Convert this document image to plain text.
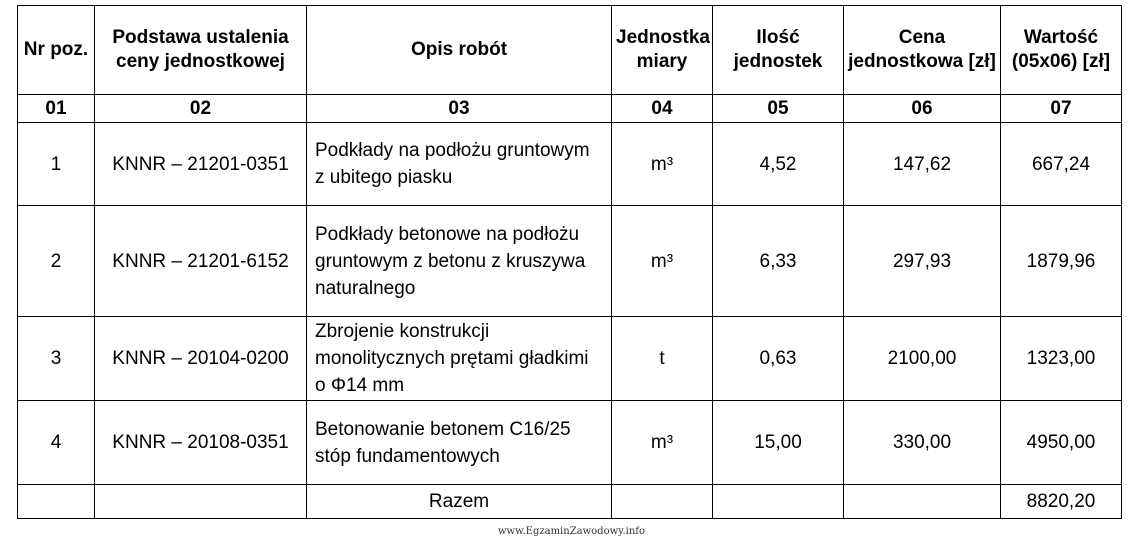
Nr poz.	Podstawa ustalenia ceny jednostkowej	Opis robót	Jednostka miary	Ilość jednostek	Cena jednostkowa [zł]	Wartość (05x06) [zł]
01	02	03	04	05	06	07
1	KNNR – 21201-0351	Podkłady na podłożu gruntowym z ubitego piasku	m³	4,52	147,62	667,24
2	KNNR – 21201-6152	Podkłady betonowe na podłożu gruntowym z betonu z kruszywa naturalnego	m³	6,33	297,93	1879,96
3	KNNR – 20104-0200	Zbrojenie konstrukcji monolitycznych prętami gładkimi o Φ14 mm	t	0,63	2100,00	1323,00
4	KNNR – 20108-0351	Betonowanie betonem C16/25 stóp fundamentowych	m³	15,00	330,00	4950,00
		Razem				8820,20
www.EgzaminZawodowy.info
